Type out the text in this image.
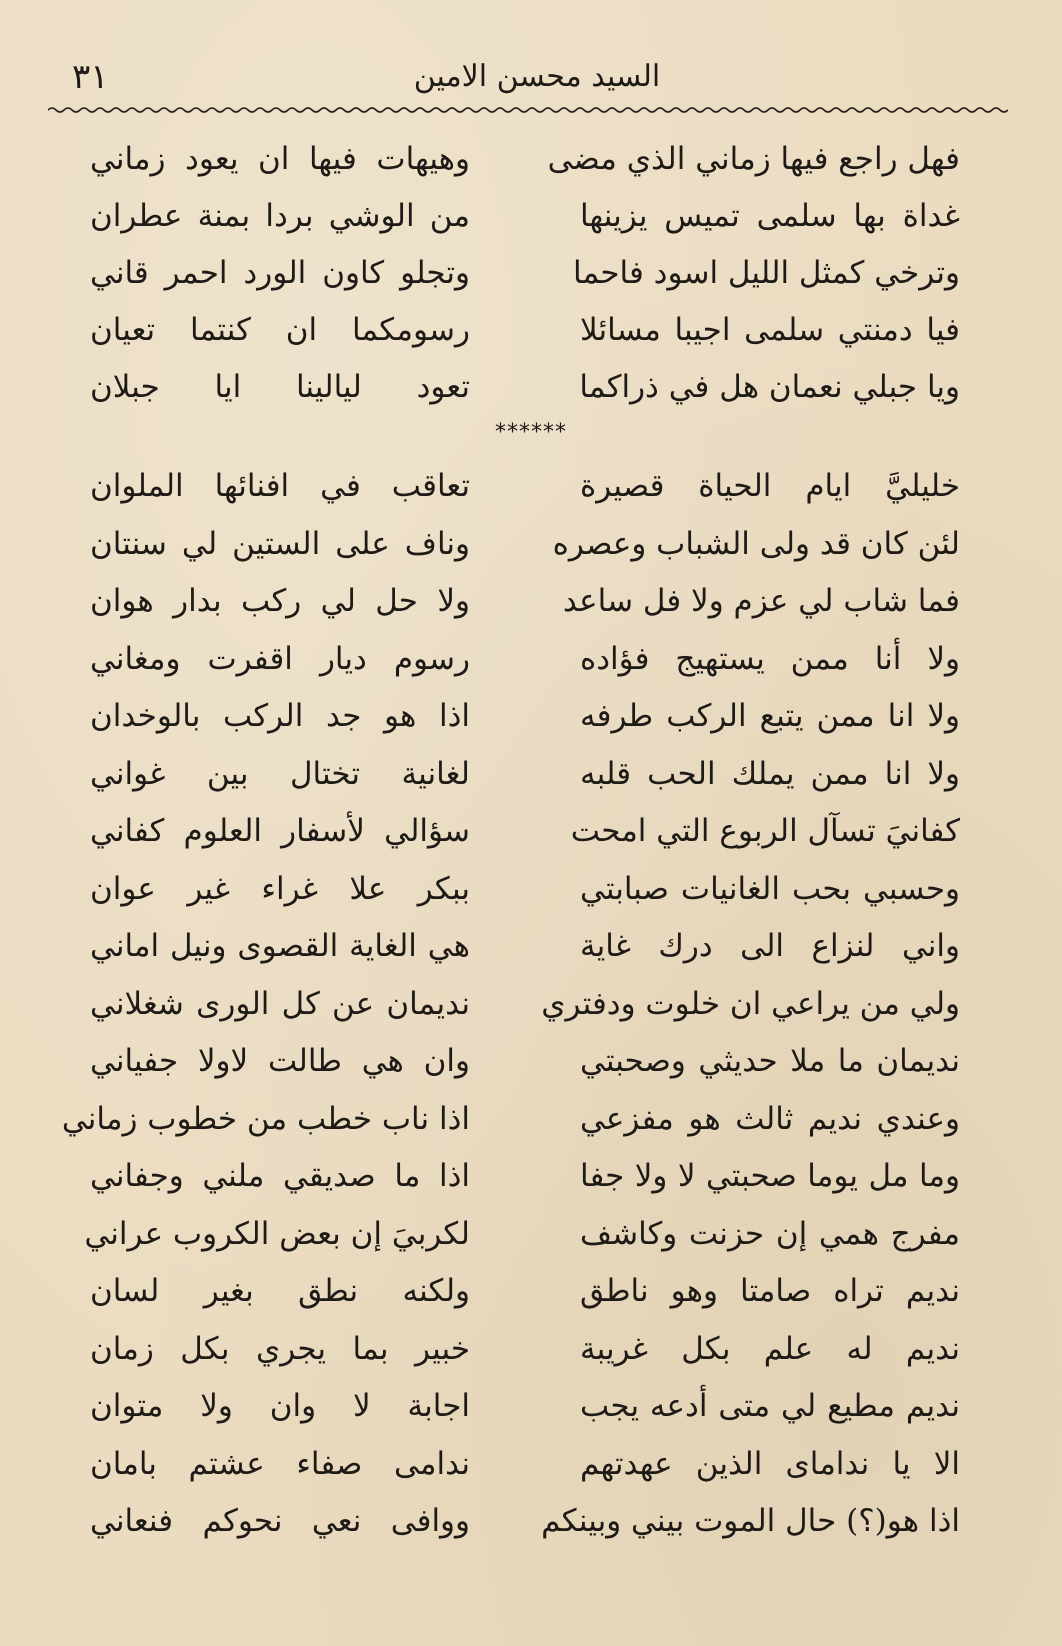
٣١	السيد محسن الامين
فهل راجع فيها زماني الذي مضى
وهيهات فيها ان يعود زماني
غداة بها سلمى تميس يزينها
من الوشي بردا بمنة عطران
وترخي كمثل الليل اسود فاحما
وتجلو كاون الورد احمر قاني
فيا دمنتي سلمى اجيبا مسائلا
رسومكما ان كنتما تعيان
ويا جبلي نعمان هل في ذراكما
تعود ليالينا ايا جبلان
******
خليليَّ ايام الحياة قصيرة
تعاقب في افنائها الملوان
لئن كان قد ولى الشباب وعصره
وناف على الستين لي سنتان
فما شاب لي عزم ولا فل ساعد
ولا حل لي ركب بدار هوان
ولا أنا ممن يستهيج فؤاده
رسوم ديار اقفرت ومغاني
ولا انا ممن يتبع الركب طرفه
اذا هو جد الركب بالوخدان
ولا انا ممن يملك الحب قلبه
لغانية تختال بين غواني
كفانيَ تسآل الربوع التي امحت
سؤالي لأسفار العلوم كفاني
وحسبي بحب الغانيات صبابتي
ببكر علا غراء غير عوان
واني لنزاع الى درك غاية
هي الغاية القصوى ونيل اماني
ولي من يراعي ان خلوت ودفتري
نديمان عن كل الورى شغلاني
نديمان ما ملا حديثي وصحبتي
وان هي طالت لاولا جفياني
وعندي نديم ثالث هو مفزعي
اذا ناب خطب من خطوب زماني
وما مل يوما صحبتي لا ولا جفا
اذا ما صديقي ملني وجفاني
مفرج همي إن حزنت وكاشف
لكربيَ إن بعض الكروب عراني
نديم تراه صامتا وهو ناطق
ولكنه نطق بغير لسان
نديم له علم بكل غريبة
خبير بما يجري بكل زمان
نديم مطيع لي متى أدعه يجب
اجابة لا وان ولا متوان
الا يا ندامای الذين عهدتهم
ندامى صفاء عشتم بامان
اذا هو(؟) حال الموت بيني وبينكم
ووافى نعي نحوكم فنعاني
